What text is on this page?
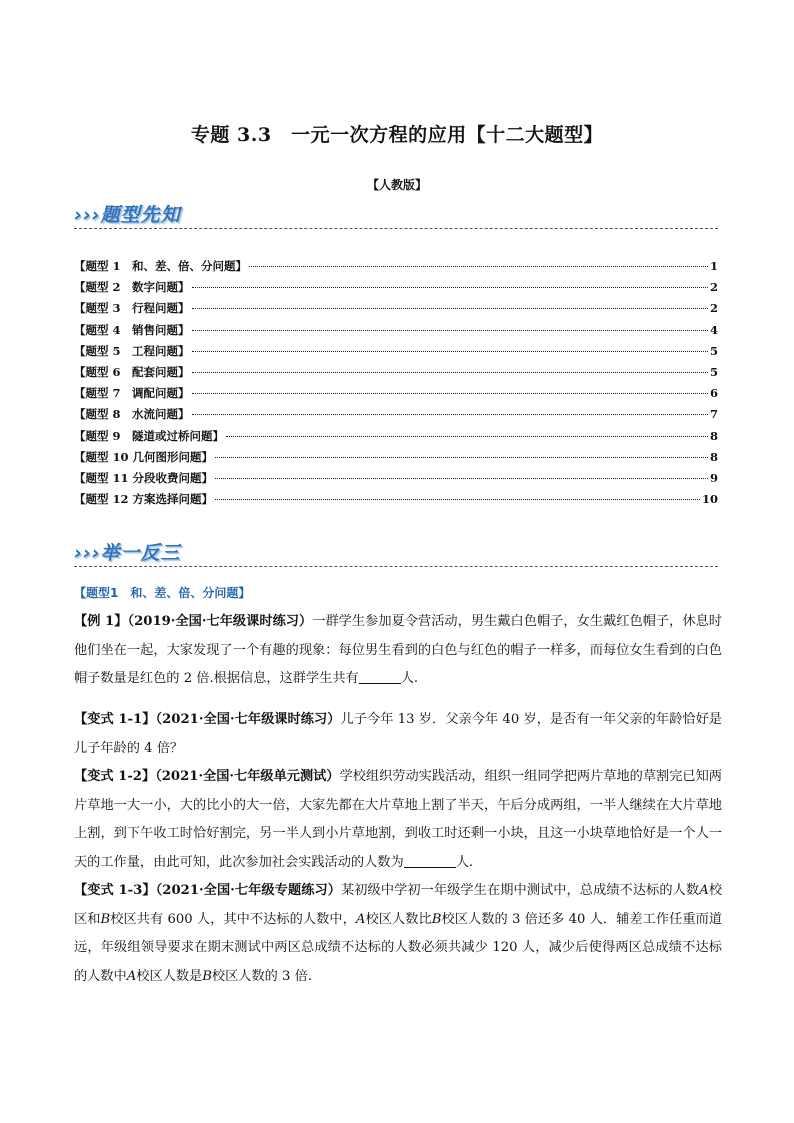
专题 3.3　一元一次方程的应用【十二大题型】
【人教版】
›››题型先知
【题型 1　和、差、倍、分问题】	1
【题型 2　数字问题】	2
【题型 3　行程问题】	2
【题型 4　销售问题】	4
【题型 5　工程问题】	5
【题型 6　配套问题】	5
【题型 7　调配问题】	6
【题型 8　水流问题】	7
【题型 9　隧道或过桥问题】	8
【题型 10 几何图形问题】	8
【题型 11 分段收费问题】	9
【题型 12 方案选择问题】	10
›››举一反三
【题型1　和、差、倍、分问题】
【例 1】（2019·全国·七年级课时练习）一群学生参加夏令营活动，男生戴白色帽子，女生戴红色帽子，休息时他们坐在一起，大家发现了一个有趣的现象：每位男生看到的白色与红色的帽子一样多，而每位女生看到的白色帽子数量是红色的 2 倍.根据信息，这群学生共有	人.
【变式 1-1】（2021·全国·七年级课时练习）儿子今年 13 岁．父亲今年 40 岁，是否有一年父亲的年龄恰好是儿子年龄的 4 倍？
【变式 1-2】（2021·全国·七年级单元测试）学校组织劳动实践活动，组织一组同学把两片草地的草割完已知两片草地一大一小，大的比小的大一倍，大家先都在大片草地上割了半天，午后分成两组，一半人继续在大片草地上割，到下午收工时恰好割完，另一半人到小片草地割，到收工时还剩一小块，且这一小块草地恰好是一个人一天的工作量，由此可知，此次参加社会实践活动的人数为	人.
【变式 1-3】（2021·全国·七年级专题练习）某初级中学初一年级学生在期中测试中，总成绩不达标的人数A校区和B校区共有 600 人，其中不达标的人数中，A校区人数比B校区人数的 3 倍还多 40 人．辅差工作任重而道远，年级组领导要求在期末测试中两区总成绩不达标的人数必须共减少 120 人，减少后使得两区总成绩不达标的人数中A校区人数是B校区人数的 3 倍.
